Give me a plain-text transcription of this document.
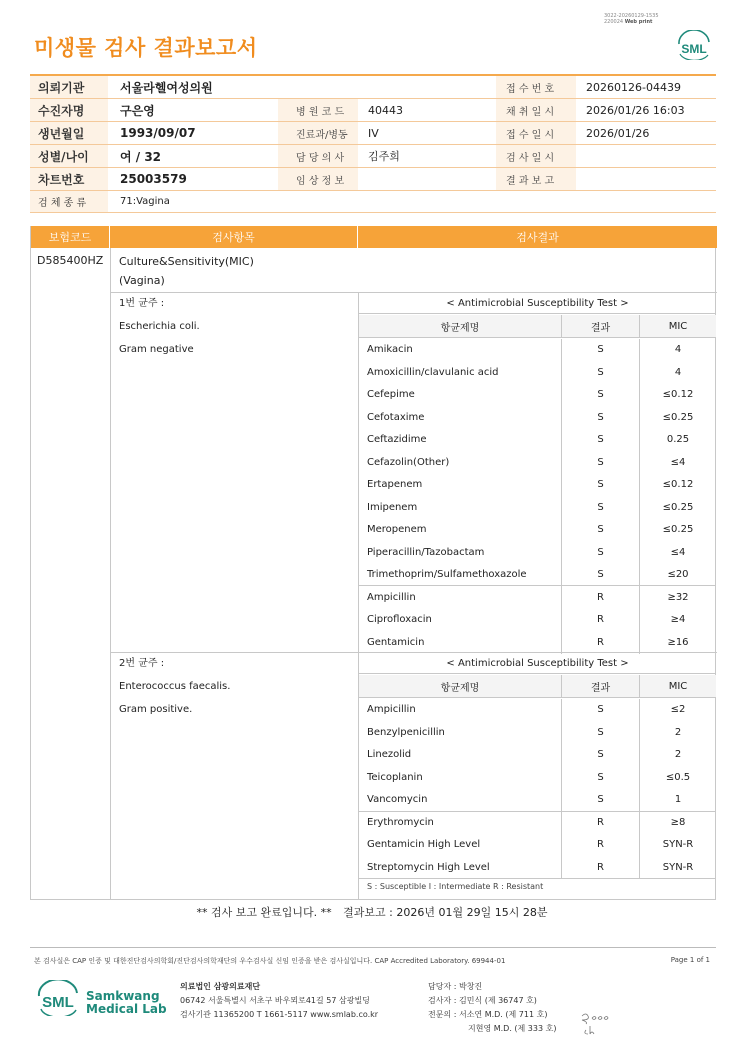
3022-20260129-1535
220024 Web print
미생물 검사 결과보고서	SML
의뢰기관	서울라헬여성의원	접 수 번 호	20260126-04439
수진자명	구은영	병 원 코 드	40443	채 취 일 시	2026/01/26 16:03
생년월일	1993/09/07	진료과/병동	IV	접 수 일 시	2026/01/26
성별/나이	여 / 32	담 당 의 사	김주희	검 사 일 시
차트번호	25003579	임 상 정 보	결 과 보 고
검 체 종 류	71:Vagina
보험코드	검사항목	검사결과
D585400HZ Culture&Sensitivity(MIC)
(Vagina)
1번 균주 :
Escherichia coli.
Gram negative
< Antimicrobial Susceptibility Test >
항균제명	결과	MIC
Amikacin	S	4
Amoxicillin/clavulanic acid	S	4
Cefepime	S	≤0.12
Cefotaxime	S	≤0.25
Ceftazidime	S	0.25
Cefazolin(Other)	S	≤4
Ertapenem	S	≤0.12
Imipenem	S	≤0.25
Meropenem	S	≤0.25
Piperacillin/Tazobactam	S	≤4
Trimethoprim/Sulfamethoxazole	S	≤20
Ampicillin	R	≥32
Ciprofloxacin	R	≥4
Gentamicin	R	≥16
2번 균주 :
Enterococcus faecalis.
Gram positive.
< Antimicrobial Susceptibility Test >
항균제명	결과	MIC
Ampicillin	S	≤2
Benzylpenicillin	S	2
Linezolid	S	2
Teicoplanin	S	≤0.5
Vancomycin	S	1
Erythromycin	R	≥8
Gentamicin High Level	R	SYN-R
Streptomycin High Level	R	SYN-R
S : Susceptible I : Intermediate R : Resistant
** 검사 보고 완료입니다. ** 결과보고 : 2026년 01월 29일 15시 28분
본 검사실은 CAP 인증 및 대한진단검사의학회/진단검사의학재단의 우수검사실 신임 인증을 받은 검사실입니다. CAP Accredited Laboratory. 69944-01	Page 1 of 1
SML Samkwang
Medical Lab
의료법인 삼광의료재단
06742 서울특별시 서초구 바우뫼로41길 57 삼광빌딩
검사기관 11365200 T 1661-5117 www.smlab.co.kr
담당자 : 박창진
검사자 : 김민식 (제 36747 호)
전문의 : 서소연 M.D. (제 711 호)
지현영 M.D. (제 333 호)
